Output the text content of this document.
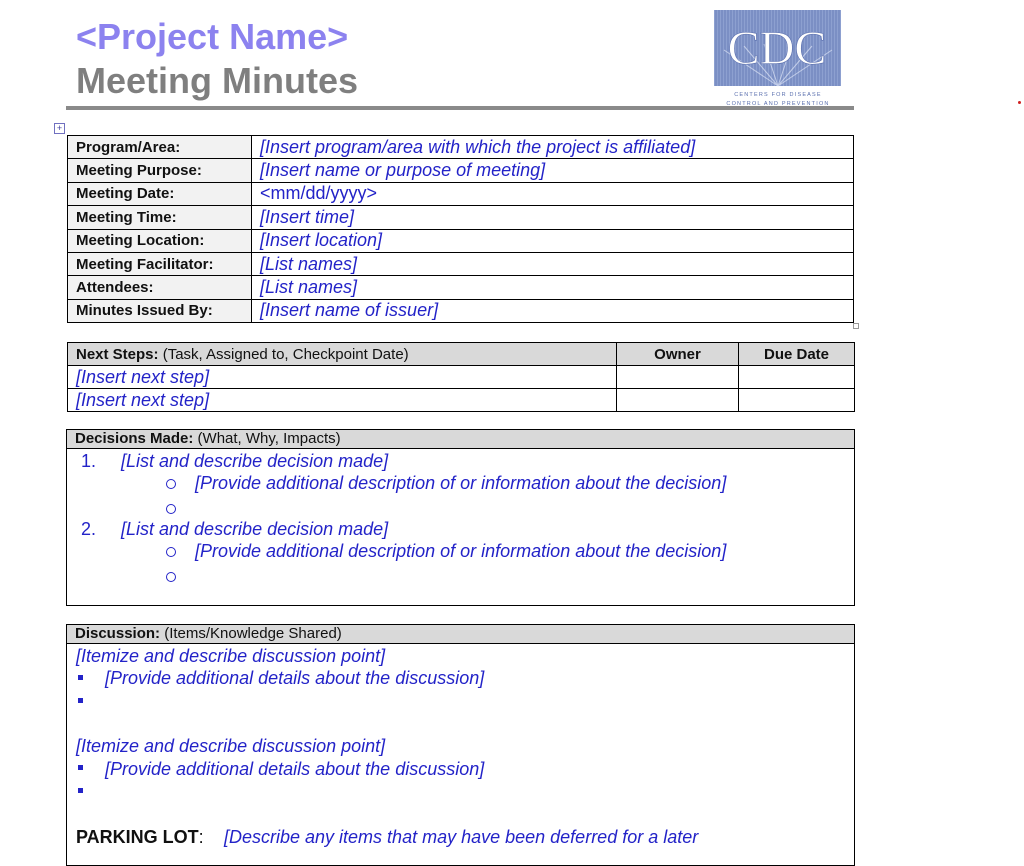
<Project Name>
Meeting Minutes
CDC
CENTERS FOR DISEASE
CONTROL AND PREVENTION
+
Program/Area:	[Insert program/area with which the project is affiliated]
Meeting Purpose:	[Insert name or purpose of meeting]
Meeting Date:	<mm/dd/yyyy>
Meeting Time:	[Insert time]
Meeting Location:	[Insert location]
Meeting Facilitator:	[List names]
Attendees:	[List names]
Minutes Issued By:	[Insert name of issuer]
Next Steps: (Task, Assigned to, Checkpoint Date)	Owner	Due Date
[Insert next step]		
[Insert next step]		
Decisions Made: (What, Why, Impacts)
1. [List and describe decision made]
[Provide additional description of or information about the decision]
2. [List and describe decision made]
[Provide additional description of or information about the decision]
Discussion: (Items/Knowledge Shared)
[Itemize and describe discussion point]
[Provide additional details about the discussion]
[Itemize and describe discussion point]
[Provide additional details about the discussion]
PARKING LOT: [Describe any items that may have been deferred for a later
